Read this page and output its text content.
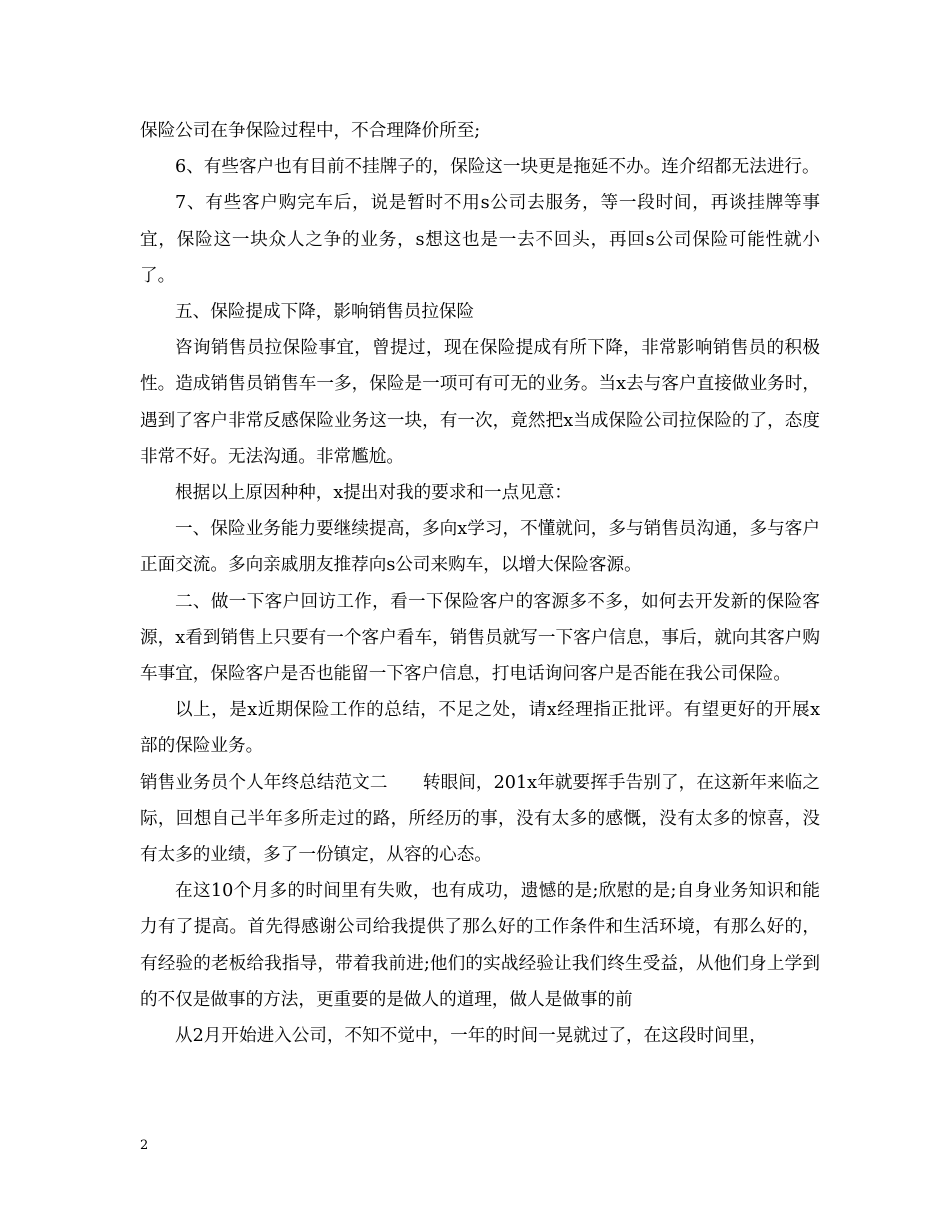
保险公司在争保险过程中，不合理降价所至;

6、有些客户也有目前不挂牌子的，保险这一块更是拖延不办。连介绍都无法进行。

7、有些客户购完车后，说是暂时不用s公司去服务，等一段时间，再谈挂牌等事宜，保险这一块众人之争的业务，s想这也是一去不回头，再回s公司保险可能性就小了。

五、保险提成下降，影响销售员拉保险

咨询销售员拉保险事宜，曾提过，现在保险提成有所下降，非常影响销售员的积极性。造成销售员销售车一多，保险是一项可有可无的业务。当x去与客户直接做业务时，遇到了客户非常反感保险业务这一块，有一次，竟然把x当成保险公司拉保险的了，态度非常不好。无法沟通。非常尷尬。

根据以上原因种种，x提出对我的要求和一点见意：

一、保险业务能力要继续提高，多向x学习，不懂就问，多与销售员沟通，多与客户正面交流。多向亲戚朋友推荐向s公司来购车，以增大保险客源。

二、做一下客户回访工作，看一下保险客户的客源多不多，如何去开发新的保险客源，x看到销售上只要有一个客户看车，销售员就写一下客户信息，事后，就向其客户购车事宜，保险客户是否也能留一下客户信息，打电话询问客户是否能在我公司保险。

以上，是x近期保险工作的总结，不足之处，请x经理指正批评。有望更好的开展x部的保险业务。

销售业务员个人年终总结范文二　　转眼间，201x年就要挥手告别了，在这新年来临之际，回想自己半年多所走过的路，所经历的事，没有太多的感慨，没有太多的惊喜，没有太多的业绩，多了一份镇定，从容的心态。

在这10个月多的时间里有失败，也有成功，遗憾的是;欣慰的是;自身业务知识和能力有了提高。首先得感谢公司给我提供了那么好的工作条件和生活环境，有那么好的，有经验的老板给我指导，带着我前进;他们的实战经验让我们终生受益，从他们身上学到的不仅是做事的方法，更重要的是做人的道理，做人是做事的前

从2月开始进入公司，不知不觉中，一年的时间一晃就过了，在这段时间里，

2
